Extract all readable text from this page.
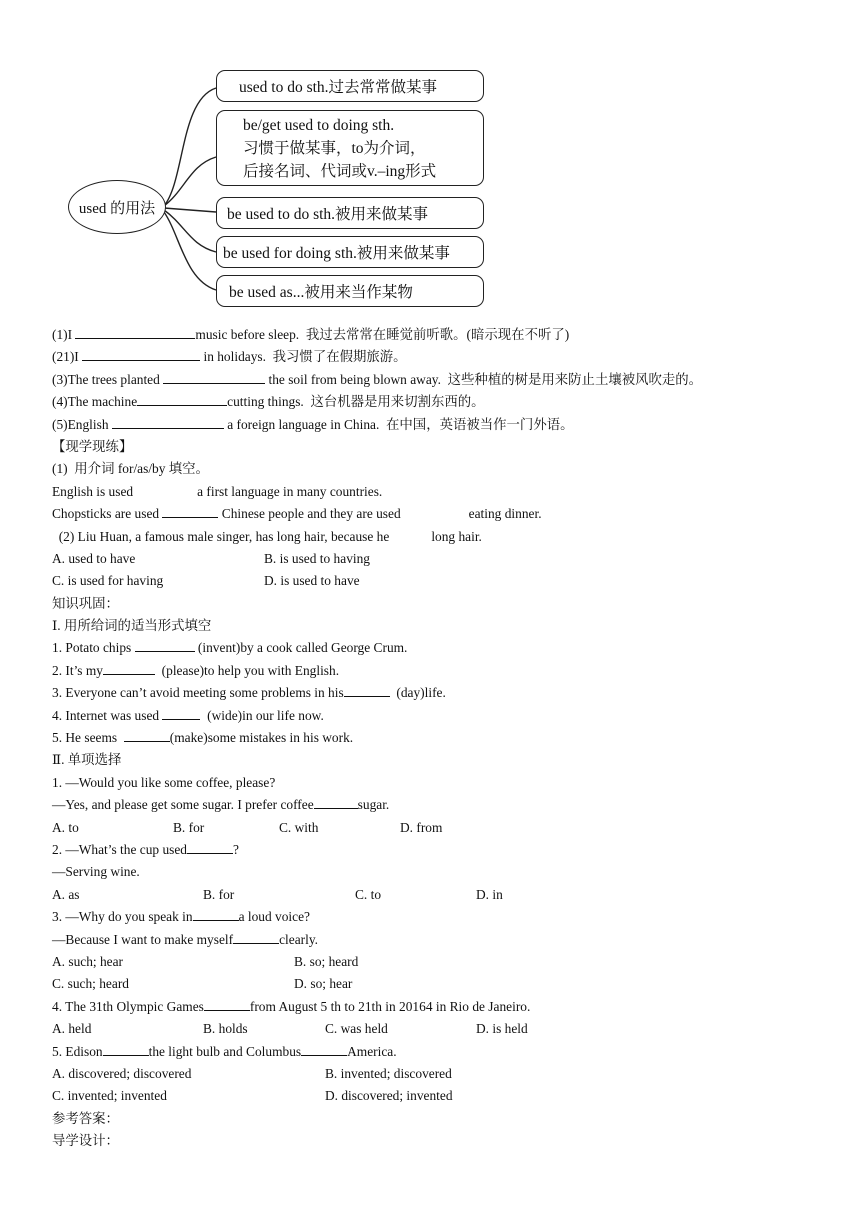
used 的用法
used to do sth.过去常常做某事
be/get used to doing sth.
习惯于做某事，to为介词，
后接名词、代词或v.–ing形式
be used to do sth.被用来做某事
be used for doing sth.被用来做某事
be used as...被用来当作某物
(1)I	music before sleep.  我过去常常在睡觉前听歌。(暗示现在不听了)
(21)I	in holidays.  我习惯了在假期旅游。
(3)The trees planted	the soil from being blown away.  这些种植的树是用来防止土壤被风吹走的。
(4)The machine	cutting things.  这台机器是用来切割东西的。
(5)English	a foreign language in China.  在中国，英语被当作一门外语。
【现学现练】
(1)  用介词 for/as/by 填空。
English is used	a first language in many countries.
Chopsticks are used	Chinese people and they are used	eating dinner.
(2) Liu Huan, a famous male singer, has long hair, because he	long hair.
A. used to have	B. is used to having
C. is used for having	D. is used to have
知识巩固：
Ⅰ. 用所给词的适当形式填空
1. Potato chips	(invent)by a cook called George Crum.
2. It’s my	(please)to help you with English.
3. Everyone can’t avoid meeting some problems in his	(day)life.
4. Internet was used	(wide)in our life now.
5. He seems	(make)some mistakes in his work.
Ⅱ. 单项选择
1. —Would you like some coffee, please?
—Yes, and please get some sugar. I prefer coffee	sugar.
A. to	B. for	C. with	D. from
2. —What’s the cup used	?
—Serving wine.
A. as	B. for	C. to	D. in
3. —Why do you speak in	a loud voice?
—Because I want to make myself	clearly.
A. such; hear	B. so; heard
C. such; heard	D. so; hear
4. The 31th Olympic Games	from August 5 th to 21th in 20164 in Rio de Janeiro.
A. held	B. holds	C. was held	D. is held
5. Edison	the light bulb and Columbus	America.
A. discovered; discovered	B. invented; discovered
C. invented; invented	D. discovered; invented
参考答案：
导学设计：
